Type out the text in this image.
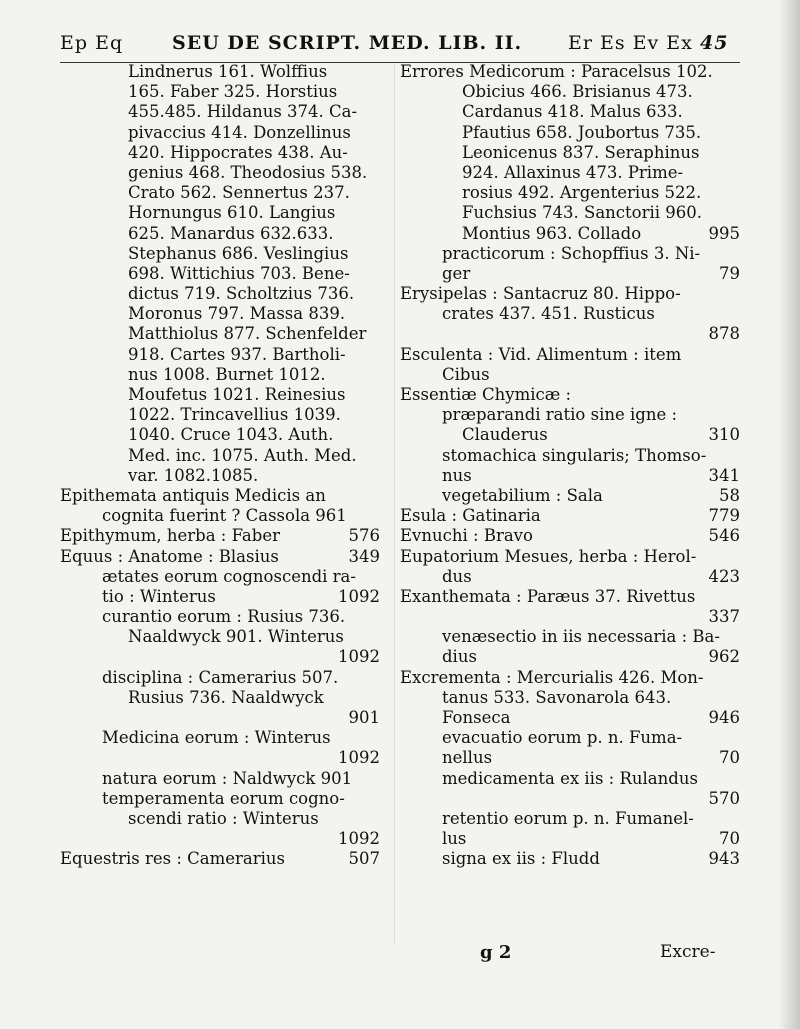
Ep Eq	SEU DE SCRIPT. MED. LIB. II. Er Es Ev Ex 45
Lindnerus 161. Wolffius
165. Faber 325. Horstius
455.485. Hildanus 374. Ca-
pivaccius 414. Donzellinus
420. Hippocrates 438. Au-
genius 468. Theodosius 538.
Crato 562. Sennertus 237.
Hornungus 610. Langius
625. Manardus 632.633.
Stephanus 686. Veslingius
698. Wittichius 703. Bene-
dictus 719. Scholtzius 736.
Moronus 797. Massa 839.
Matthiolus 877. Schenfelder
918. Cartes 937. Bartholi-
nus 1008. Burnet 1012.
Moufetus 1021. Reinesius
1022. Trincavellius 1039.
1040. Cruce 1043. Auth.
Med. inc. 1075. Auth. Med.
var. 1082.1085.
Epithemata antiquis Medicis an
cognita fuerint ? Cassola 961
Epithymum, herba : Faber	576
Equus : Anatome : Blasius	349
ætates eorum cognoscendi ra-
tio : Winterus	1092
curantio eorum : Rusius 736.
Naaldwyck 901. Winterus
1092
disciplina : Camerarius 507.
Rusius 736. Naaldwyck
901
Medicina eorum : Winterus
1092
natura eorum : Naldwyck 901
temperamenta eorum cogno-
scendi ratio : Winterus
1092
Equestris res : Camerarius	507
Errores Medicorum : Paracelsus 102.
Obicius 466. Brisianus 473.
Cardanus 418. Malus 633.
Pfautius 658. Joubortus 735.
Leonicenus 837. Seraphinus
924. Allaxinus 473. Prime-
rosius 492. Argenterius 522.
Fuchsius 743. Sanctorii 960.
Montius 963. Collado	995
practicorum : Schopffius 3. Ni-
ger	79
Erysipelas : Santacruz 80. Hippo-
crates 437. 451. Rusticus
878
Esculenta : Vid. Alimentum : item
Cibus
Essentiæ Chymicæ :
præparandi ratio sine igne :
Clauderus	310
stomachica singularis; Thomso-
nus	341
vegetabilium : Sala	58
Esula : Gatinaria	779
Evnuchi : Bravo	546
Eupatorium Mesues, herba : Herol-
dus	423
Exanthemata : Paræus 37. Rivettus
337
venæsectio in iis necessaria : Ba-
dius	962
Excrementa : Mercurialis 426. Mon-
tanus 533. Savonarola 643.
Fonseca	946
evacuatio eorum p. n. Fuma-
nellus	70
medicamenta ex iis : Rulandus
570
retentio eorum p. n. Fumanel-
lus	70
signa ex iis : Fludd	943
g 2	Excre-
